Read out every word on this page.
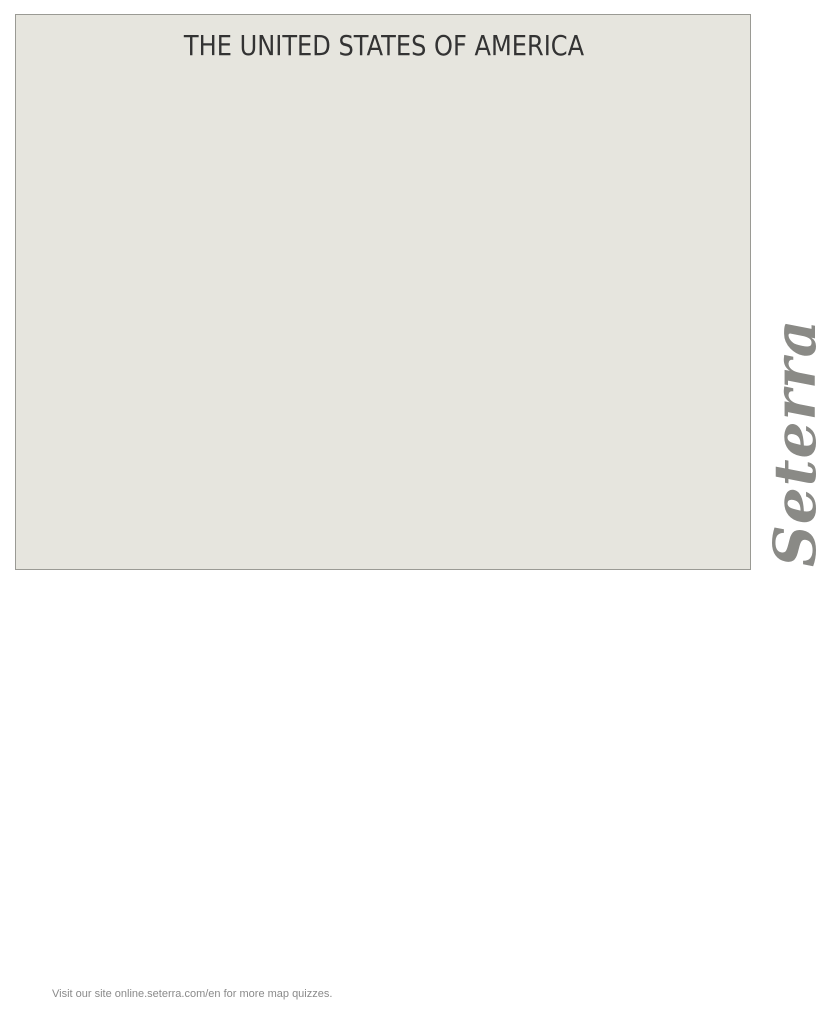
THE UNITED STATES OF AMERICA
Seterra
Visit our site online.seterra.com/en for more map quizzes.
